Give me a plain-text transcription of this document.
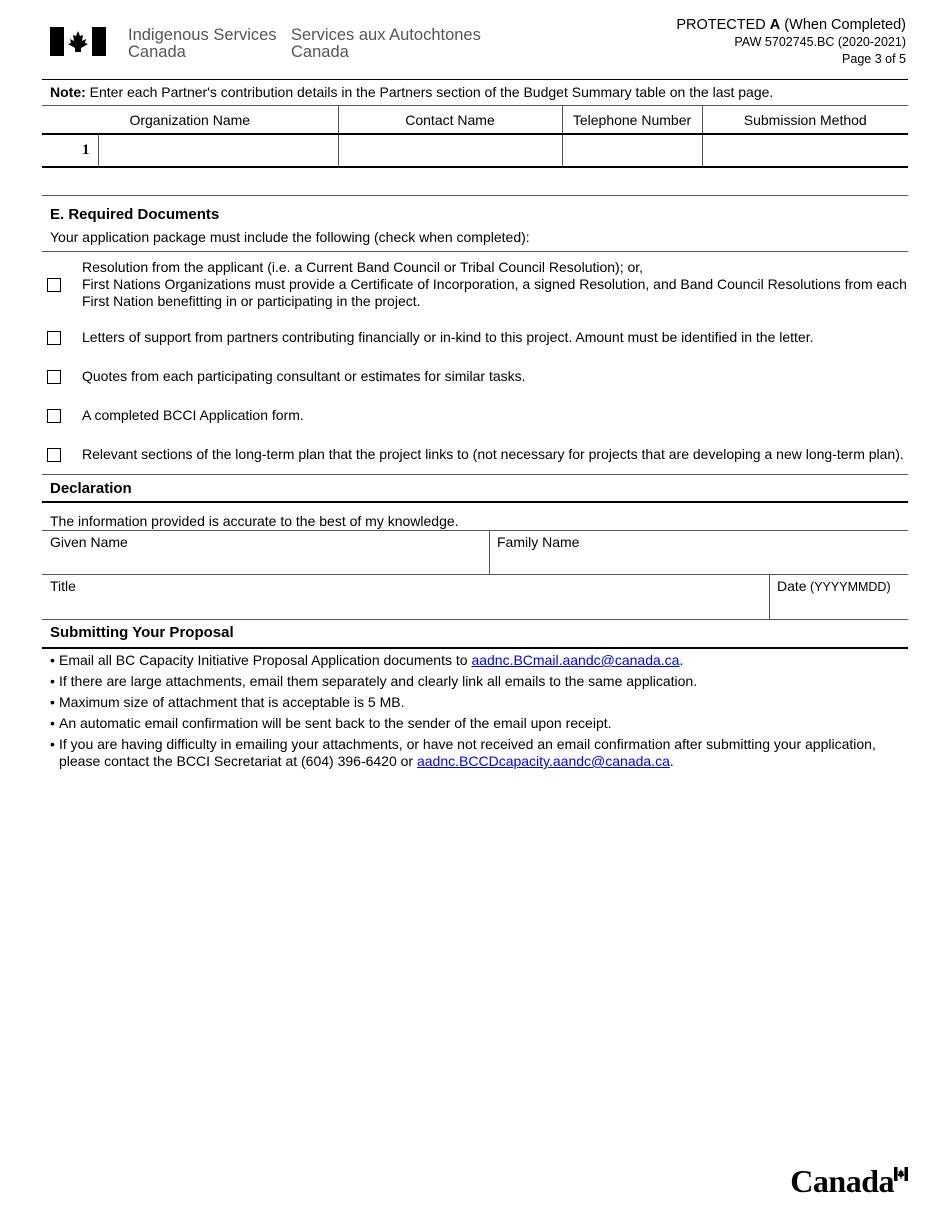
Indigenous Services
Canada
Services aux Autochtones
Canada
PROTECTED A (When Completed)
PAW 5702745.BC (2020-2021)
Page 3 of 5
Note: Enter each Partner's contribution details in the Partners section of the Budget Summary table on the last page.
Organization Name		Contact Name	Telephone Number	Submission Method
1				
E. Required Documents
Your application package must include the following (check when completed):
Resolution from the applicant (i.e. a Current Band Council or Tribal Council Resolution); or,
First Nations Organizations must provide a Certificate of Incorporation, a signed Resolution, and Band Council Resolutions from each First Nation benefitting in or participating in the project.
Letters of support from partners contributing financially or in-kind to this project. Amount must be identified in the letter.
Quotes from each participating consultant or estimates for similar tasks.
A completed BCCI Application form.
Relevant sections of the long-term plan that the project links to (not necessary for projects that are developing a new long-term plan).
Declaration
The information provided is accurate to the best of my knowledge.
Given Name	Family Name
Title	Date (YYYYMMDD)
Submitting Your Proposal
• Email all BC Capacity Initiative Proposal Application documents to aadnc.BCmail.aandc@canada.ca.
• If there are large attachments, email them separately and clearly link all emails to the same application.
• Maximum size of attachment that is acceptable is 5 MB.
• An automatic email confirmation will be sent back to the sender of the email upon receipt.
• If you are having difficulty in emailing your attachments, or have not received an email confirmation after submitting your application, please contact the BCCI Secretariat at (604) 396-6420 or aadnc.BCCDcapacity.aandc@canada.ca.
Canada
